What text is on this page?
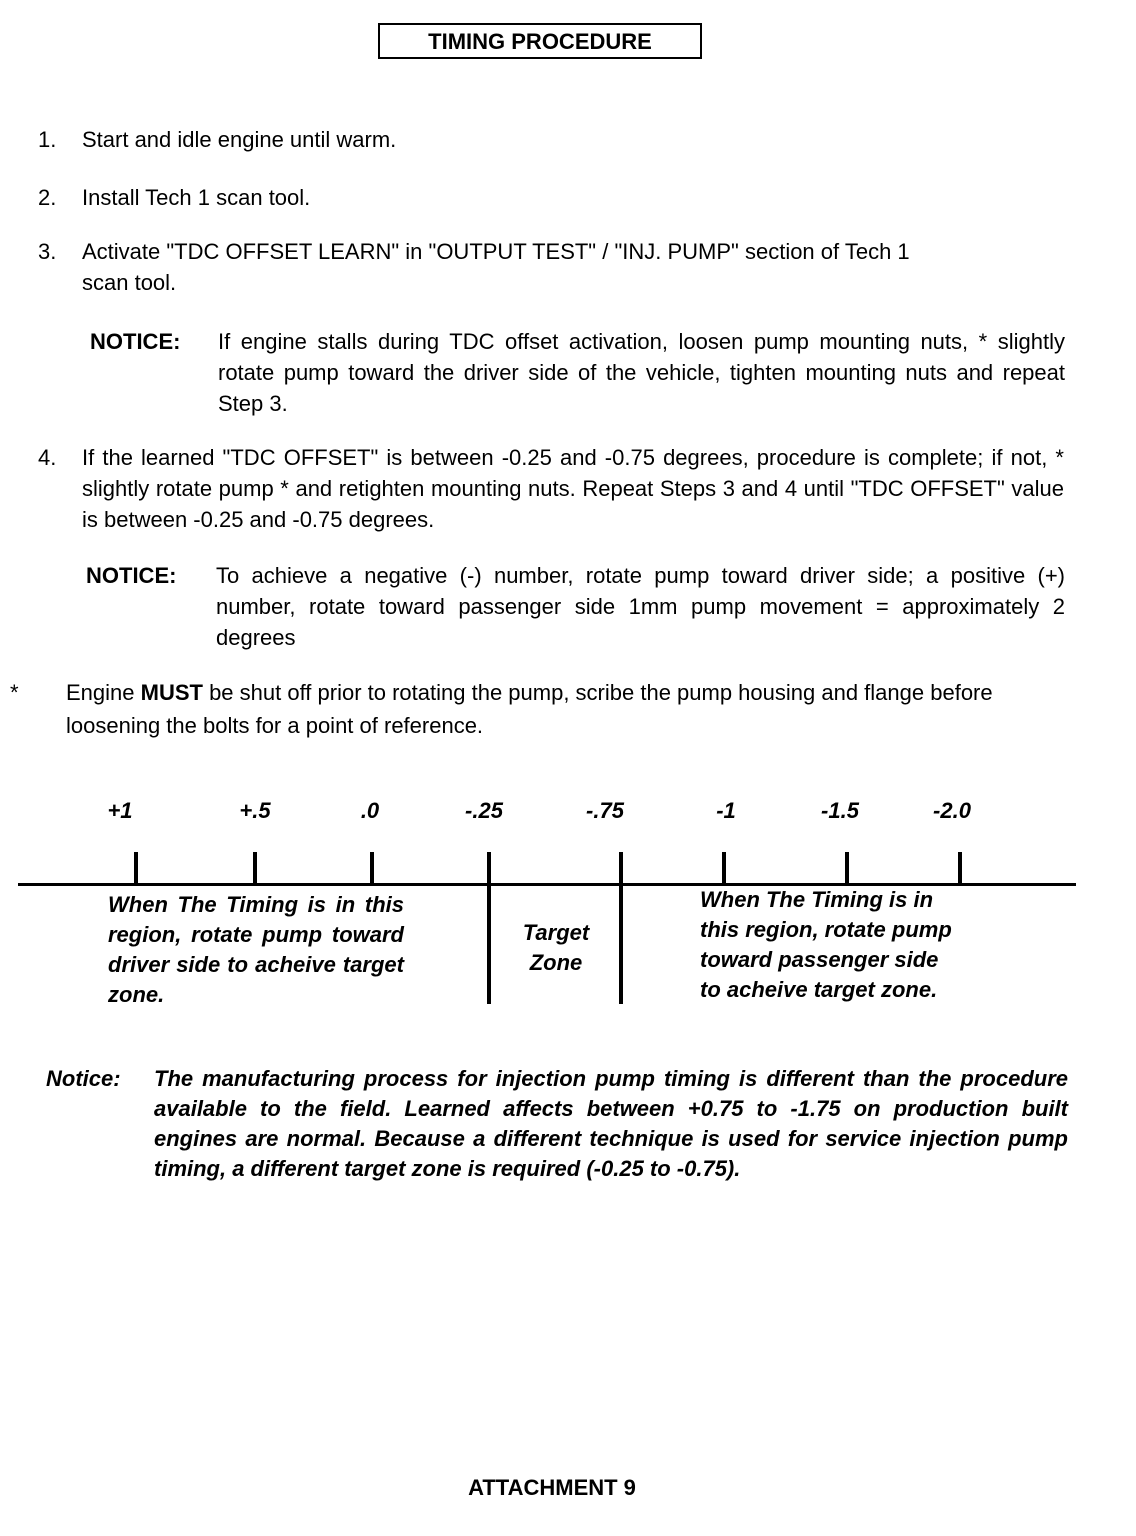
TIMING PROCEDURE
1. Start and idle engine until warm.
2. Install Tech 1 scan tool.
3. Activate "TDC OFFSET LEARN" in "OUTPUT TEST" / "INJ. PUMP" section of Tech 1
scan tool.
NOTICE: If engine stalls during TDC offset activation, loosen pump mounting nuts, * slightly rotate pump toward the driver side of the vehicle, tighten mounting nuts and repeat Step 3.
4. If the learned "TDC OFFSET" is between -0.25 and -0.75 degrees, procedure is complete; if not, * slightly rotate pump * and retighten mounting nuts. Repeat Steps 3 and 4 until "TDC OFFSET" value is between -0.25 and -0.75 degrees.
NOTICE: To achieve a negative (-) number, rotate pump toward driver side; a positive (+) number, rotate toward passenger side 1mm pump movement = approximately 2 degrees
* Engine MUST be shut off prior to rotating the pump, scribe the pump housing and flange before loosening the bolts for a point of reference.
+1	+.5	.0	-.25	-.75	-1	-1.5	-2.0
When The Timing is in this region, rotate pump toward driver side to acheive target zone.
Target
Zone
When The Timing is in
this region, rotate pump
toward passenger side
to acheive target zone.
Notice: The manufacturing process for injection pump timing is different than the procedure available to the field. Learned affects between +0.75 to -1.75 on production built engines are normal. Because a different technique is used for service injection pump timing, a different target zone is required (-0.25 to -0.75).
ATTACHMENT 9
